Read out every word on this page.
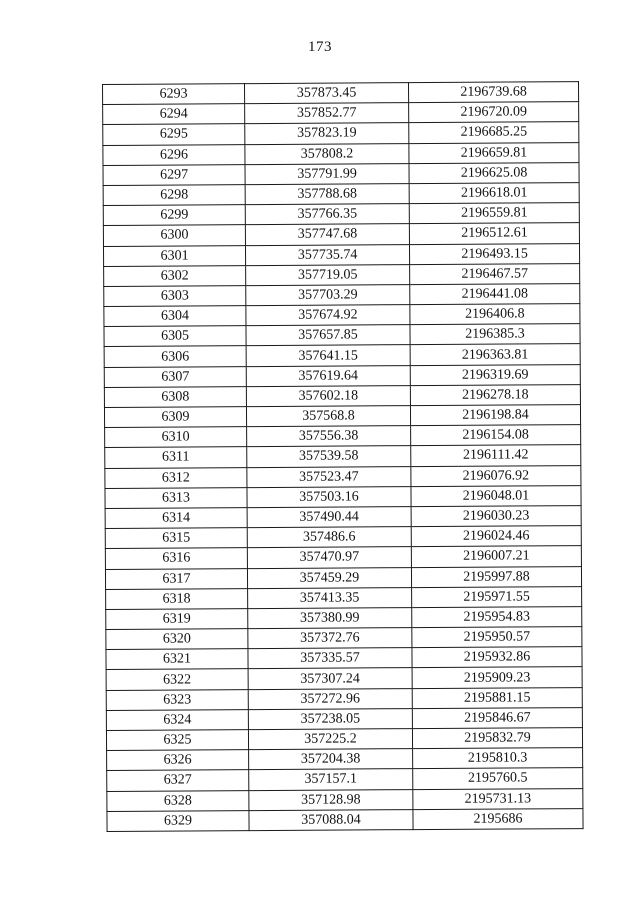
173
6293	357873.45	2196739.68
6294	357852.77	2196720.09
6295	357823.19	2196685.25
6296	357808.2	2196659.81
6297	357791.99	2196625.08
6298	357788.68	2196618.01
6299	357766.35	2196559.81
6300	357747.68	2196512.61
6301	357735.74	2196493.15
6302	357719.05	2196467.57
6303	357703.29	2196441.08
6304	357674.92	2196406.8
6305	357657.85	2196385.3
6306	357641.15	2196363.81
6307	357619.64	2196319.69
6308	357602.18	2196278.18
6309	357568.8	2196198.84
6310	357556.38	2196154.08
6311	357539.58	2196111.42
6312	357523.47	2196076.92
6313	357503.16	2196048.01
6314	357490.44	2196030.23
6315	357486.6	2196024.46
6316	357470.97	2196007.21
6317	357459.29	2195997.88
6318	357413.35	2195971.55
6319	357380.99	2195954.83
6320	357372.76	2195950.57
6321	357335.57	2195932.86
6322	357307.24	2195909.23
6323	357272.96	2195881.15
6324	357238.05	2195846.67
6325	357225.2	2195832.79
6326	357204.38	2195810.3
6327	357157.1	2195760.5
6328	357128.98	2195731.13
6329	357088.04	2195686
